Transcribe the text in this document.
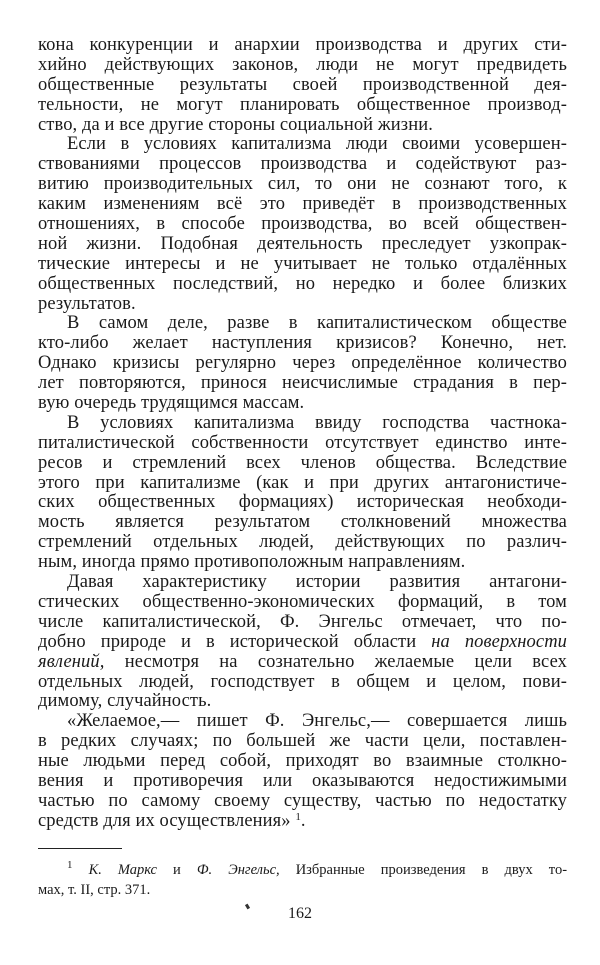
кона конкуренции и анархии производства и других сти-
хийно действующих законов, люди не могут предвидеть
общественные результаты своей производственной дея-
тельности, не могут планировать общественное производ-
ство, да и все другие стороны социальной жизни.
Если в условиях капитализма люди своими усовершен-
ствованиями процессов производства и содействуют раз-
витию производительных сил, то они не сознают того, к
каким изменениям всё это приведёт в производственных
отношениях, в способе производства, во всей обществен-
ной жизни. Подобная деятельность преследует узкопрак-
тические интересы и не учитывает не только отдалённых
общественных последствий, но нередко и более близких
результатов.
В самом деле, разве в капиталистическом обществе
кто-либо желает наступления кризисов? Конечно, нет.
Однако кризисы регулярно через определённое количество
лет повторяются, принося неисчислимые страдания в пер-
вую очередь трудящимся массам.
В условиях капитализма ввиду господства частнока-
питалистической собственности отсутствует единство инте-
ресов и стремлений всех членов общества. Вследствие
этого при капитализме (как и при других антагонистиче-
ских общественных формациях) историческая необходи-
мость является результатом столкновений множества
стремлений отдельных людей, действующих по различ-
ным, иногда прямо противоположным направлениям.
Давая характеристику истории развития антагони-
стических общественно-экономических формаций, в том
числе капиталистической, Ф. Энгельс отмечает, что по-
добно природе и в исторической области на поверхности
явлений, несмотря на сознательно желаемые цели всех
отдельных людей, господствует в общем и целом, пови-
димому, случайность.
«Желаемое,— пишет Ф. Энгельс,— совершается лишь
в редких случаях; по большей же части цели, поставлен-
ные людьми перед собой, приходят во взаимные столкно-
вения и противоречия или оказываются недостижимыми
частью по самому своему существу, частью по недостатку
средств для их осуществления» $^1$.
$^1$ К. Маркс и Ф. Энгельс, Избранные произведения в двух то-
мах, т. II, стр. 371.
162
